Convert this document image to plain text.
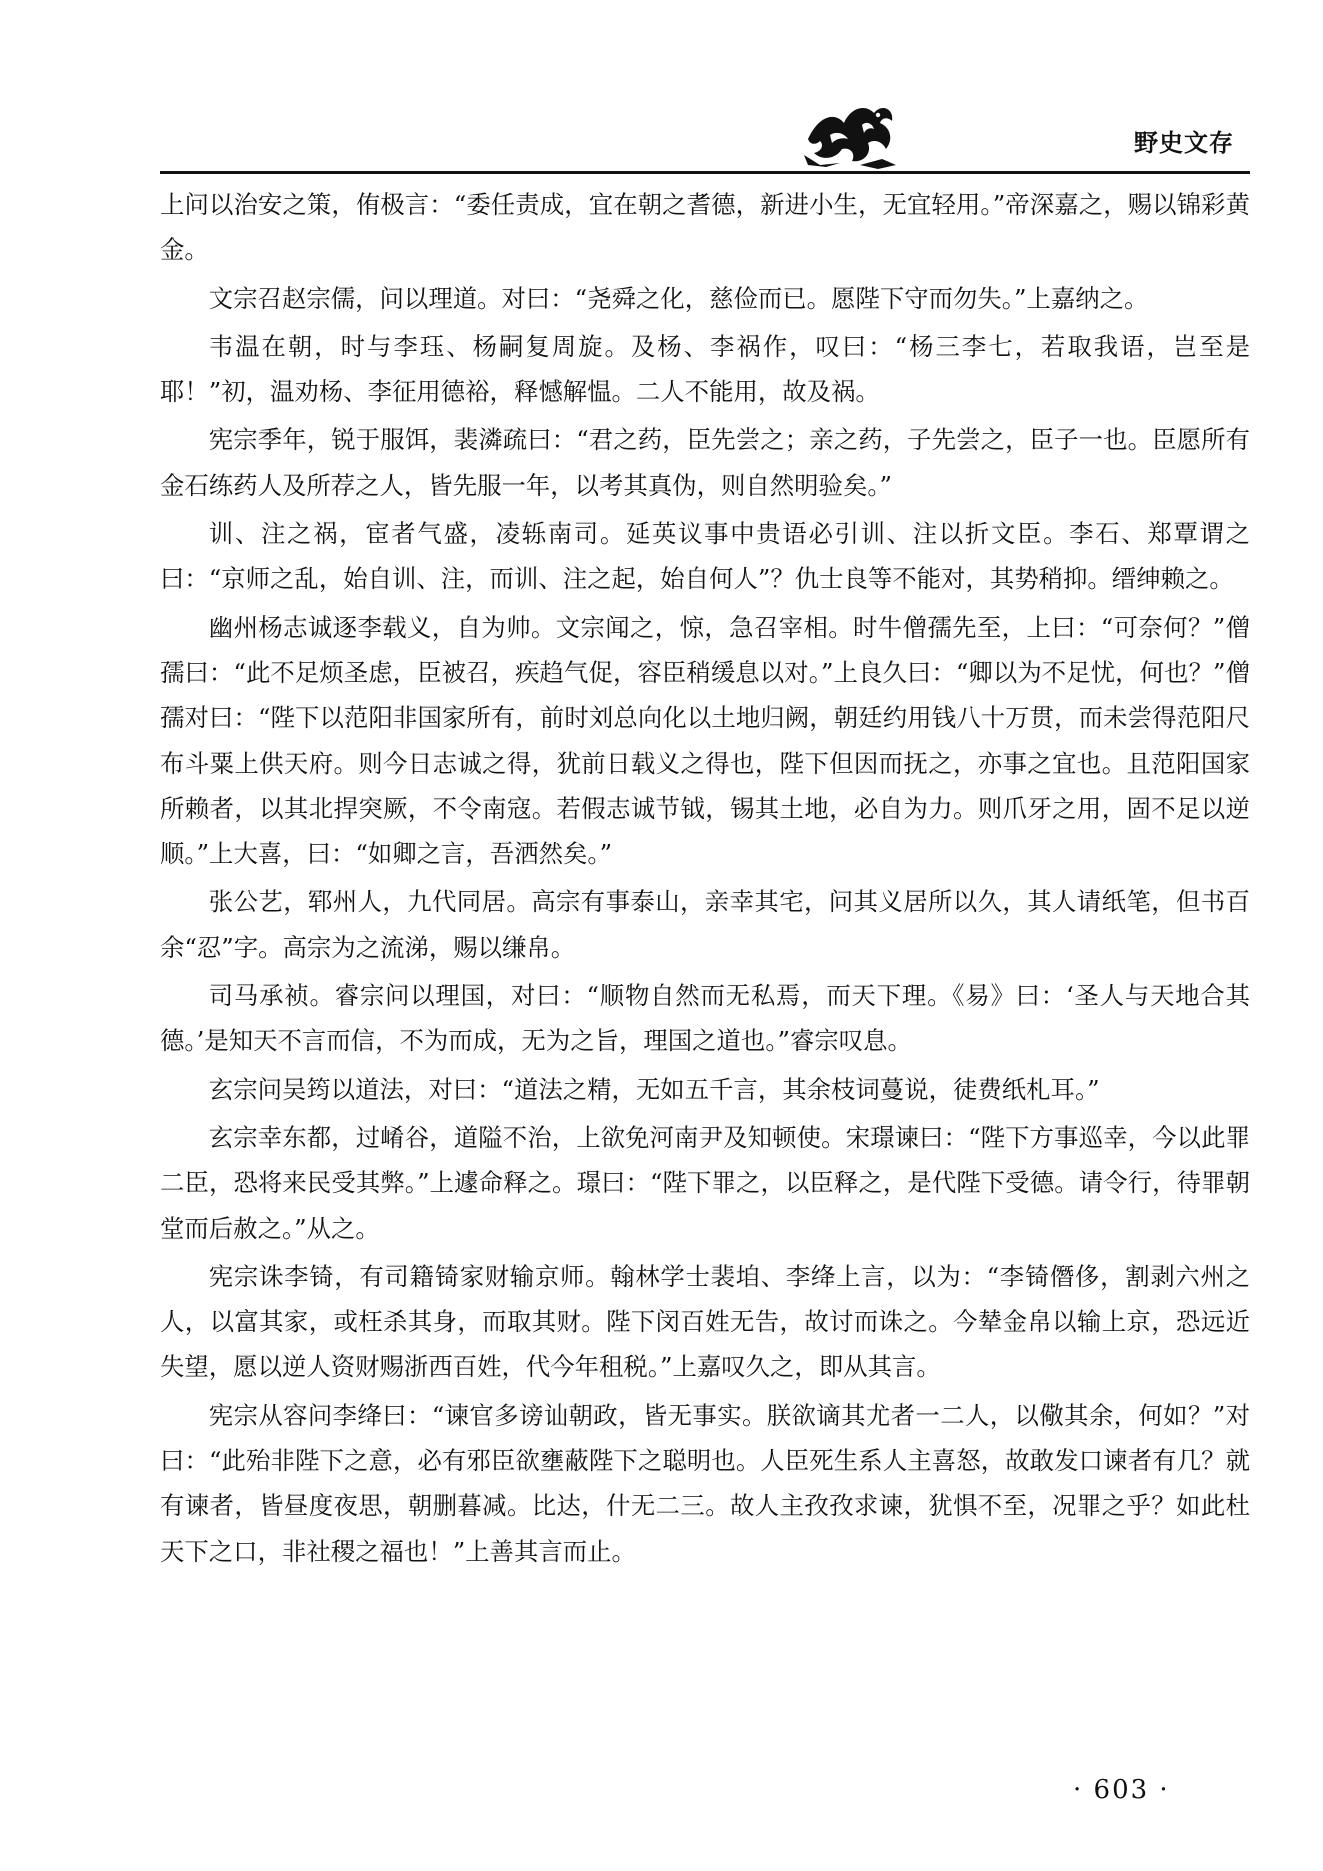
野史文存

上问以治安之策，侑极言：“委任责成，宜在朝之耆德，新进小生，无宜轻用。”帝深嘉之，赐以锦彩黄金。

文宗召赵宗儒，问以理道。对曰：“尧舜之化，慈俭而已。愿陛下守而勿失。”上嘉纳之。

韦温在朝，时与李珏、杨嗣复周旋。及杨、李祸作，叹曰：“杨三李七，若取我语，岂至是耶！”初，温劝杨、李征用德裕，释憾解愠。二人不能用，故及祸。

宪宗季年，锐于服饵，裴潾疏曰：“君之药，臣先尝之；亲之药，子先尝之，臣子一也。臣愿所有金石练药人及所荐之人，皆先服一年，以考其真伪，则自然明验矣。”

训、注之祸，宦者气盛，凌轹南司。延英议事中贵语必引训、注以折文臣。李石、郑覃谓之曰：“京师之乱，始自训、注，而训、注之起，始自何人”？仇士良等不能对，其势稍抑。缙绅赖之。

幽州杨志诚逐李载义，自为帅。文宗闻之，惊，急召宰相。时牛僧孺先至，上曰：“可奈何？”僧孺曰：“此不足烦圣虑，臣被召，疾趋气促，容臣稍缓息以对。”上良久曰：“卿以为不足忧，何也？”僧孺对曰：“陛下以范阳非国家所有，前时刘总向化以土地归阙，朝廷约用钱八十万贯，而未尝得范阳尺布斗粟上供天府。则今日志诚之得，犹前日载义之得也，陛下但因而抚之，亦事之宜也。且范阳国家所赖者，以其北捍突厥，不令南寇。若假志诚节钺，锡其土地，必自为力。则爪牙之用，固不足以逆顺。”上大喜，曰：“如卿之言，吾洒然矣。”

张公艺，郓州人，九代同居。高宗有事泰山，亲幸其宅，问其义居所以久，其人请纸笔，但书百余“忍”字。高宗为之流涕，赐以缣帛。

司马承祯。睿宗问以理国，对曰：“顺物自然而无私焉，而天下理。《易》曰：‘圣人与天地合其德。’是知天不言而信，不为而成，无为之旨，理国之道也。”睿宗叹息。

玄宗问吴筠以道法，对曰：“道法之精，无如五千言，其余枝词蔓说，徒费纸札耳。”

玄宗幸东都，过崤谷，道隘不治，上欲免河南尹及知顿使。宋璟谏曰：“陛下方事巡幸，今以此罪二臣，恐将来民受其弊。”上遽命释之。璟曰：“陛下罪之，以臣释之，是代陛下受德。请令行，待罪朝堂而后赦之。”从之。

宪宗诛李锜，有司籍锜家财输京师。翰林学士裴垍、李绛上言，以为：“李锜僭侈，割剥六州之人，以富其家，或枉杀其身，而取其财。陛下闵百姓无告，故讨而诛之。今辇金帛以输上京，恐远近失望，愿以逆人资财赐浙西百姓，代今年租税。”上嘉叹久之，即从其言。

宪宗从容问李绛曰：“谏官多谤讪朝政，皆无事实。朕欲谪其尤者一二人，以儆其余，何如？”对曰：“此殆非陛下之意，必有邪臣欲壅蔽陛下之聪明也。人臣死生系人主喜怒，故敢发口谏者有几？就有谏者，皆昼度夜思，朝删暮减。比达，什无二三。故人主孜孜求谏，犹惧不至，况罪之乎？如此杜天下之口，非社稷之福也！”上善其言而止。

· 603 ·
